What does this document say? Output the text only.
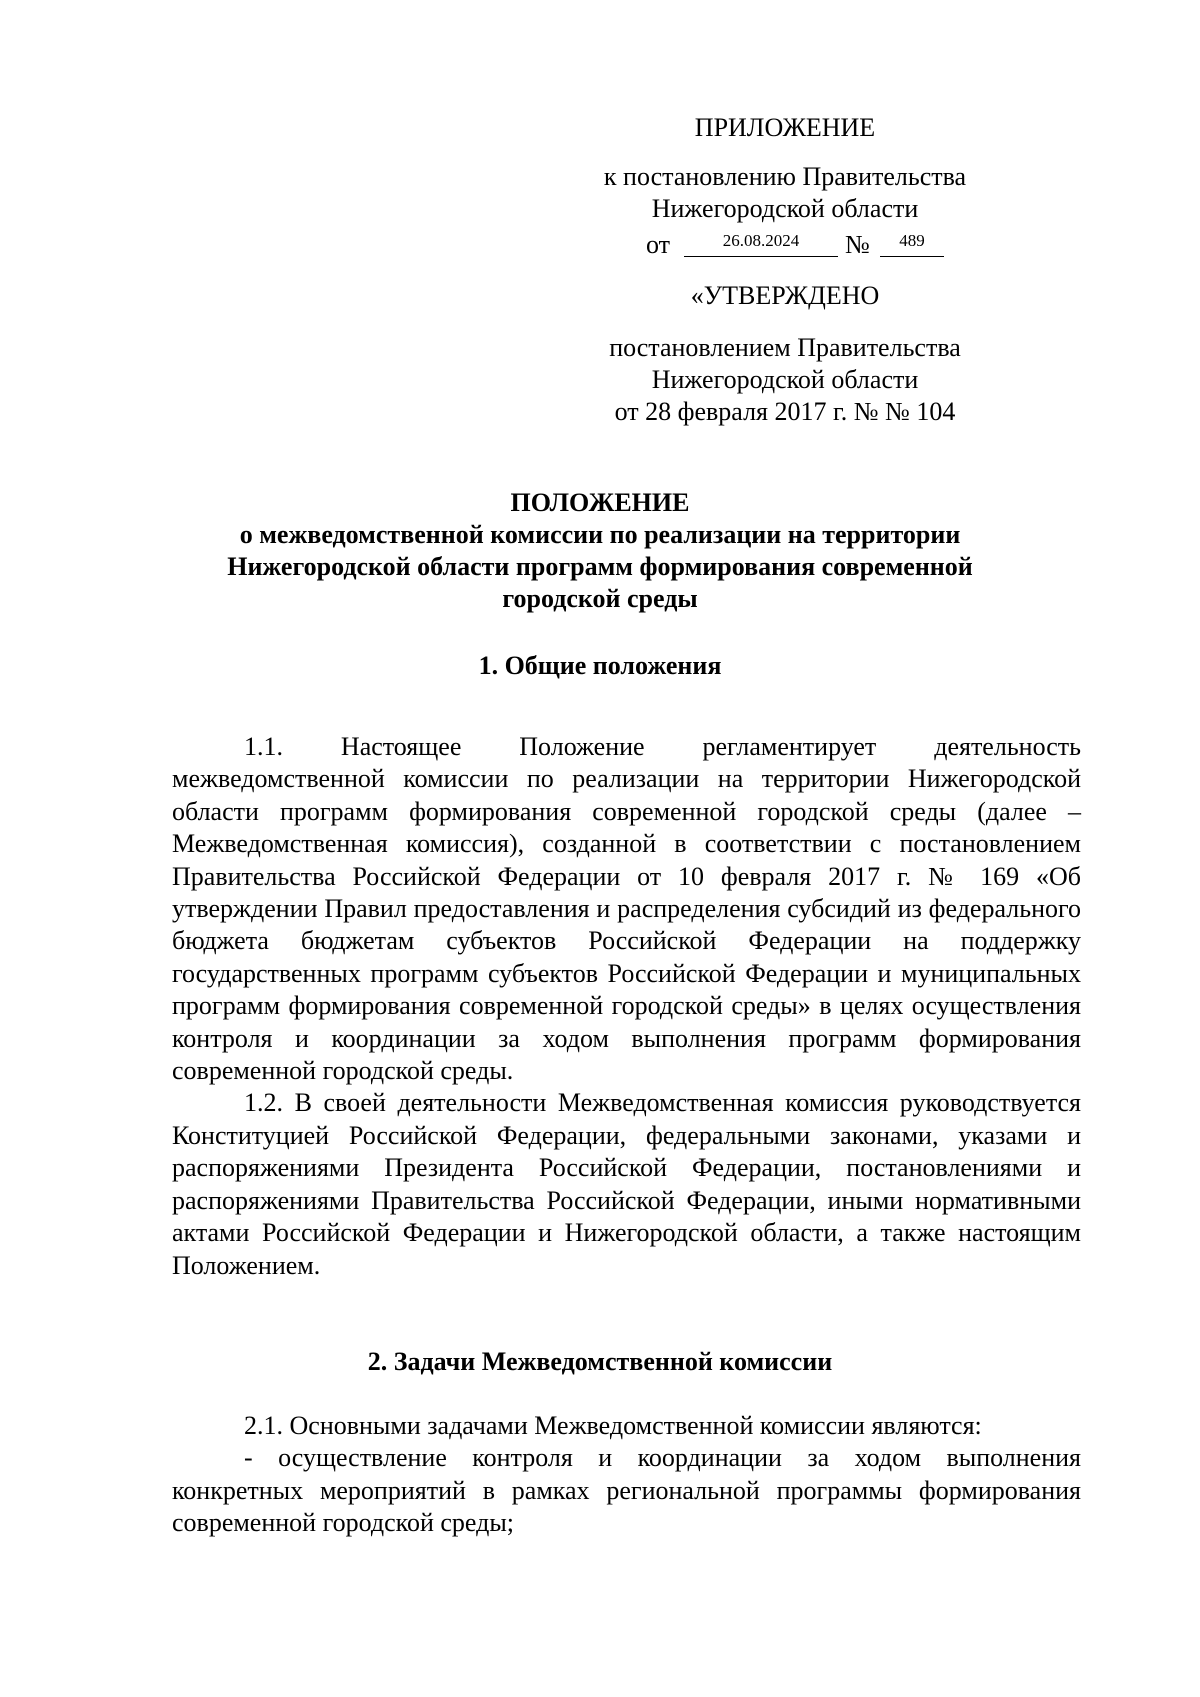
ПРИЛОЖЕНИЕ
к постановлению Правительства
Нижегородской области
от	26.08.2024	№	489
«УТВЕРЖДЕНО
постановлением Правительства
Нижегородской области
от 28 февраля 2017 г. № № 104
ПОЛОЖЕНИЕ
о межведомственной комиссии по реализации на территории
Нижегородской области программ формирования современной
городской среды
1. Общие положения

1.1. Настоящее Положение регламентирует деятельность межведомственной комиссии по реализации на территории Нижегородской области программ формирования современной городской среды (далее – Межведомственная комиссия), созданной в соответствии с постановлением Правительства Российской Федерации от 10 февраля 2017 г. № 169 «Об утверждении Правил предоставления и распределения субсидий из федерального бюджета бюджетам субъектов Российской Федерации на поддержку государственных программ субъектов Российской Федерации и муниципальных программ формирования современной городской среды» в целях осуществления контроля и координации за ходом выполнения программ формирования современной городской среды.

1.2. В своей деятельности Межведомственная комиссия руководствуется Конституцией Российской Федерации, федеральными законами, указами и распоряжениями Президента Российской Федерации, постановлениями и распоряжениями Правительства Российской Федерации, иными нормативными актами Российской Федерации и Нижегородской области, а также настоящим Положением.

2. Задачи Межведомственной комиссии

2.1. Основными задачами Межведомственной комиссии являются:

- осуществление контроля и координации за ходом выполнения конкретных мероприятий в рамках региональной программы формирования современной городской среды;
